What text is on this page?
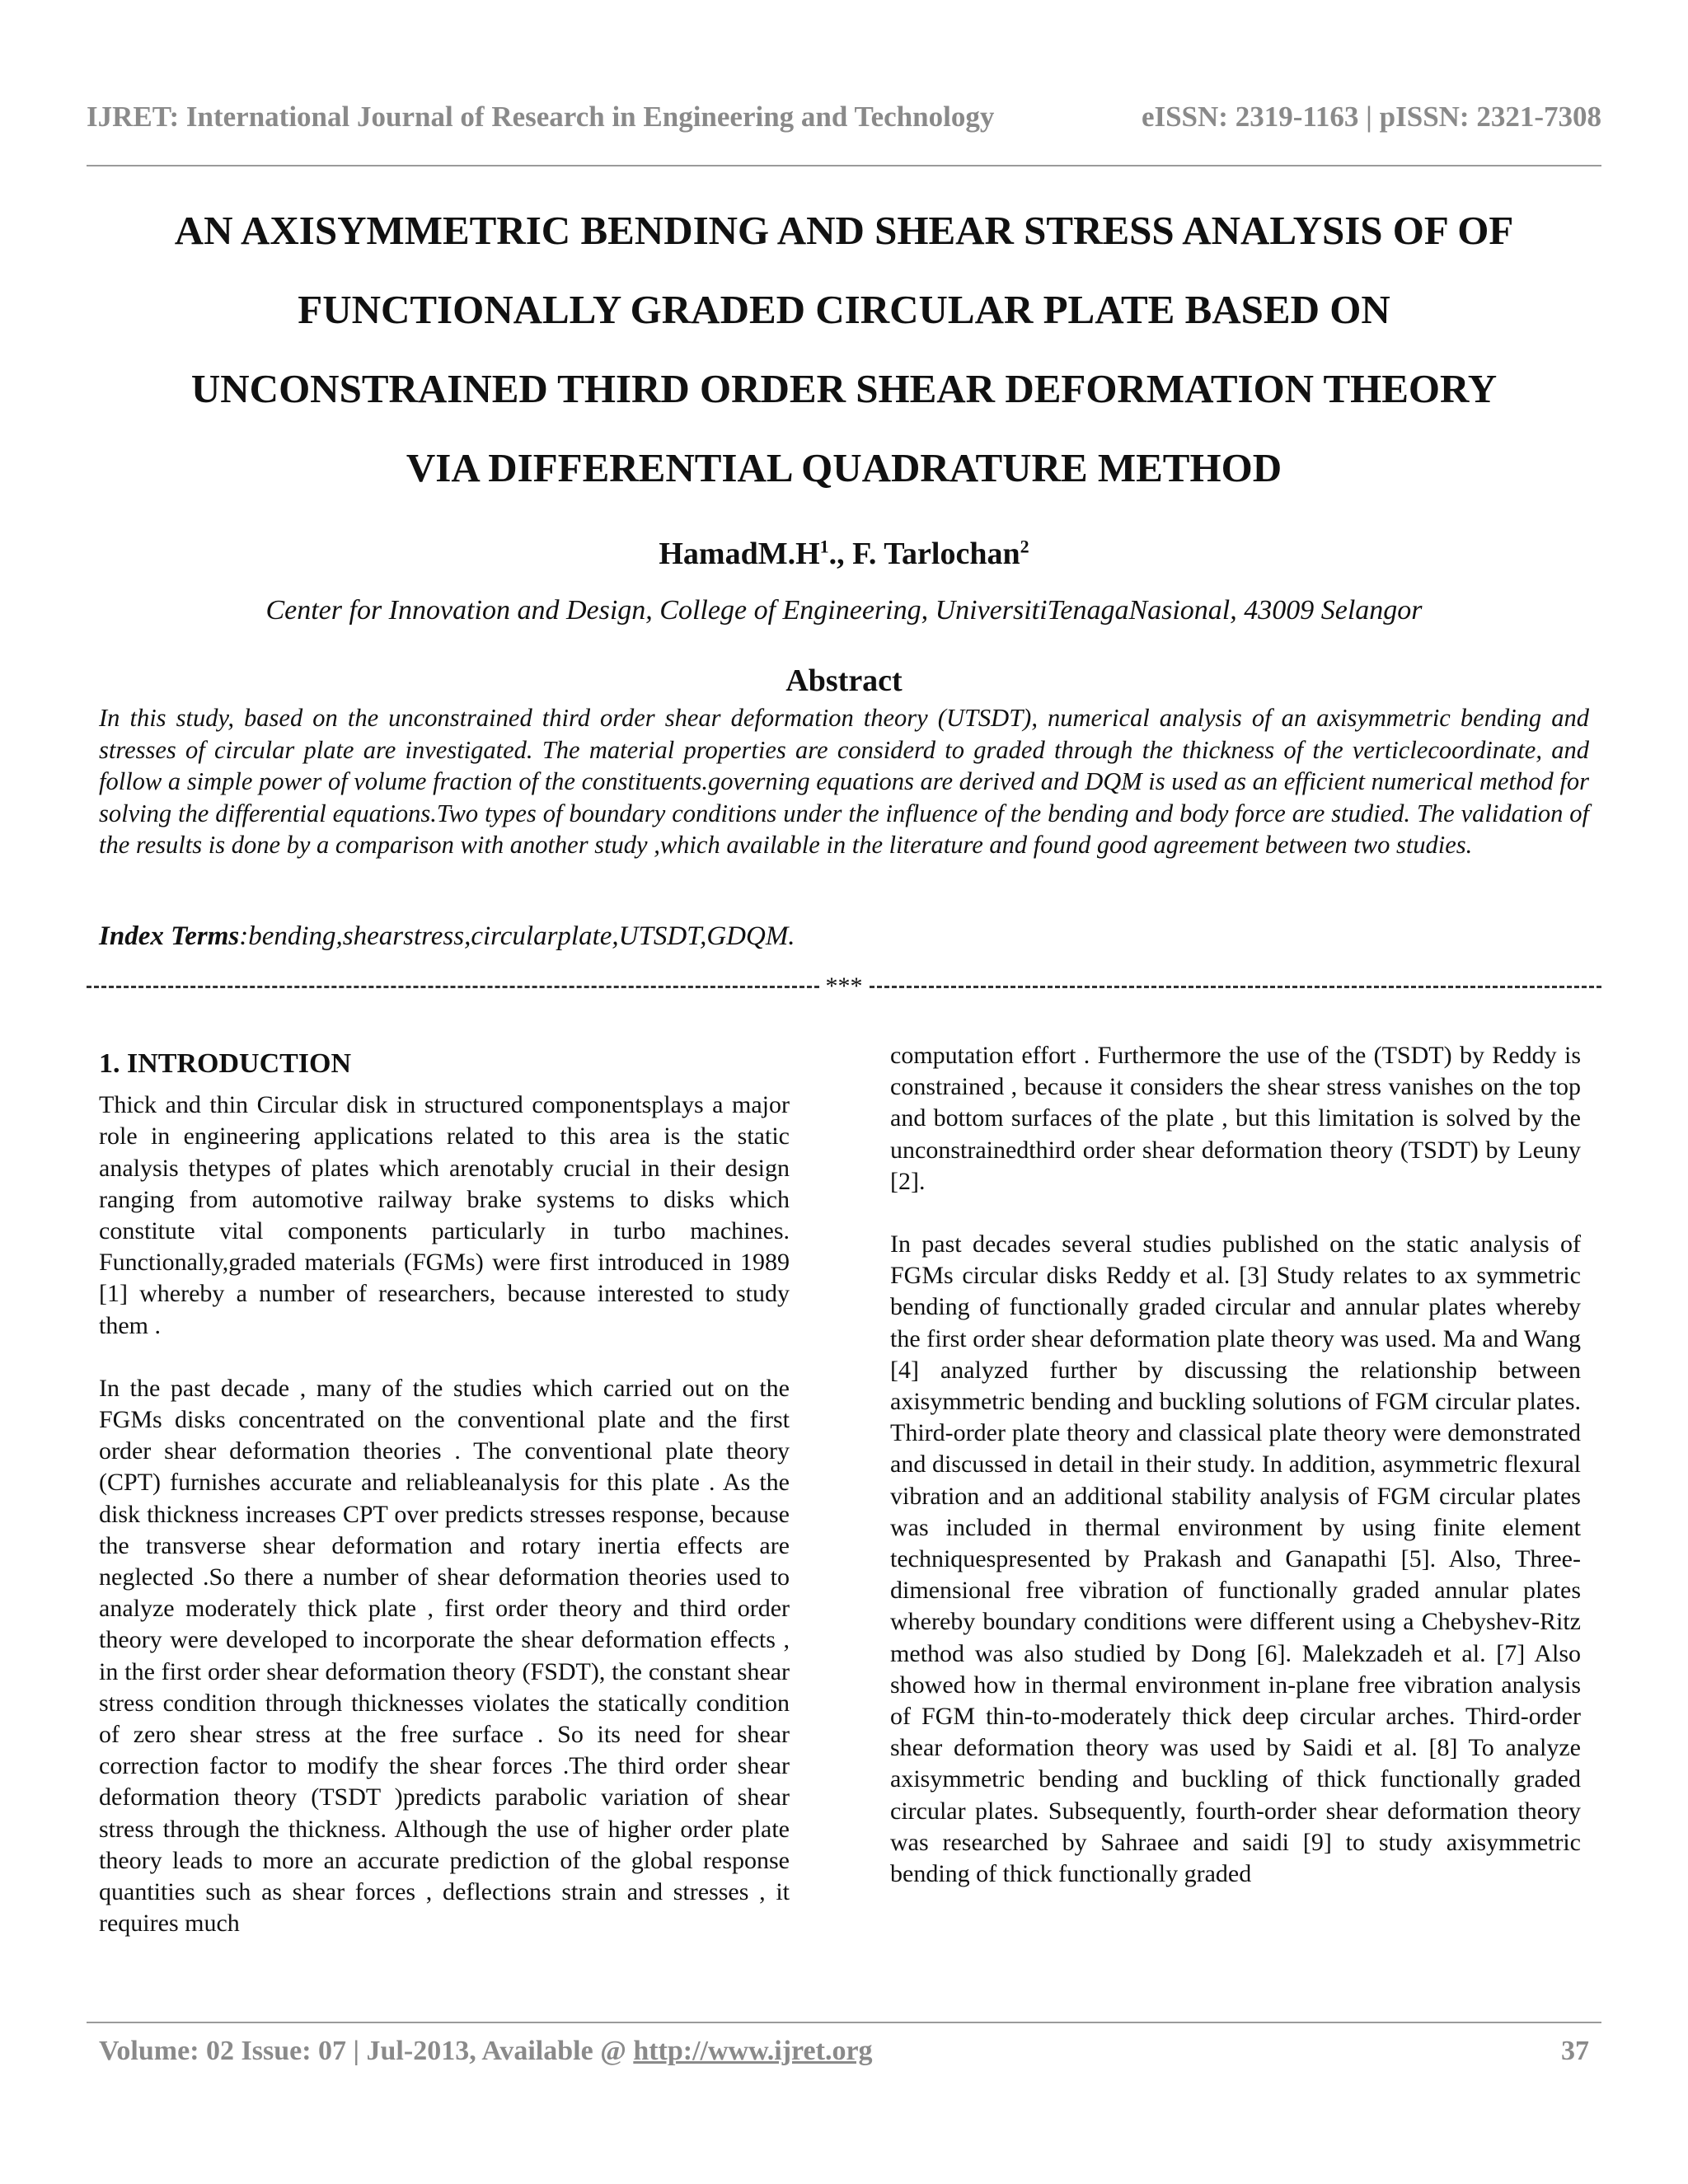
IJRET: International Journal of Research in Engineering and Technology	eISSN: 2319-1163 | pISSN: 2321-7308
AN AXISYMMETRIC BENDING AND SHEAR STRESS ANALYSIS OF OF
FUNCTIONALLY GRADED CIRCULAR PLATE BASED ON
UNCONSTRAINED THIRD ORDER SHEAR DEFORMATION THEORY
VIA DIFFERENTIAL QUADRATURE METHOD
$HamadM.H^1$., F. Tarlochan$^2$
Center for Innovation and Design, College of Engineering, UniversitiTenagaNasional, 43009 Selangor
Abstract

In this study, based on the unconstrained third order shear deformation theory (UTSDT), numerical analysis of an axisymmetric bending and stresses of circular plate are investigated. The material properties are considerd to graded through the thickness of the verticlecoordinate, and follow a simple power of volume fraction of the constituents.governing equations are derived and DQM is used as an efficient numerical method for solving the differential equations.Two types of boundary conditions under the influence of the bending and body force are studied. The validation of the results is done by a comparison with another study ,which available in the literature and found good agreement between two studies.

Index Terms:bending,shearstress,circularplate,UTSDT,GDQM.
***
1. INTRODUCTION

Thick and thin Circular disk in structured componentsplays a major role in engineering applications related to this area is the static analysis thetypes of plates which arenotably crucial in their design ranging from automotive railway brake systems to disks which constitute vital components particularly in turbo machines. Functionally,graded materials (FGMs) were first introduced in 1989 [1] whereby a number of researchers, because interested to study them .

In the past decade , many of the studies which carried out on the FGMs disks concentrated on the conventional plate and the first order shear deformation theories . The conventional plate theory (CPT) furnishes accurate and reliableanalysis for this plate . As the disk thickness increases CPT over predicts stresses response, because the transverse shear deformation and rotary inertia effects are neglected .So there a number of shear deformation theories used to analyze moderately thick plate , first order theory and third order theory were developed to incorporate the shear deformation effects , in the first order shear deformation theory (FSDT), the constant shear stress condition through thicknesses violates the statically condition of zero shear stress at the free surface . So its need for shear correction factor to modify the shear forces .The third order shear deformation theory (TSDT )predicts parabolic variation of shear stress through the thickness. Although the use of higher order plate theory leads to more an accurate prediction of the global response quantities such as shear forces , deflections strain and stresses , it requires much

computation effort . Furthermore the use of the (TSDT) by Reddy is constrained , because it considers the shear stress vanishes on the top and bottom surfaces of the plate , but this limitation is solved by the unconstrainedthird order shear deformation theory (TSDT) by Leuny [2].

In past decades several studies published on the static analysis of FGMs circular disks Reddy et al. [3] Study relates to ax symmetric bending of functionally graded circular and annular plates whereby the first order shear deformation plate theory was used. Ma and Wang [4] analyzed further by discussing the relationship between axisymmetric bending and buckling solutions of FGM circular plates. Third-order plate theory and classical plate theory were demonstrated and discussed in detail in their study. In addition, asymmetric flexural vibration and an additional stability analysis of FGM circular plates was included in thermal environment by using finite element techniquespresented by Prakash and Ganapathi [5]. Also, Three-dimensional free vibration of functionally graded annular plates whereby boundary conditions were different using a Chebyshev-Ritz method was also studied by Dong [6]. Malekzadeh et al. [7] Also showed how in thermal environment in-plane free vibration analysis of FGM thin-to-moderately thick deep circular arches. Third-order shear deformation theory was used by Saidi et al. [8] To analyze axisymmetric bending and buckling of thick functionally graded circular plates. Subsequently, fourth-order shear deformation theory was researched by Sahraee and saidi [9] to study axisymmetric bending of thick functionally graded

Volume: 02 Issue: 07 | Jul-2013, Available @ http://www.ijret.org	37
